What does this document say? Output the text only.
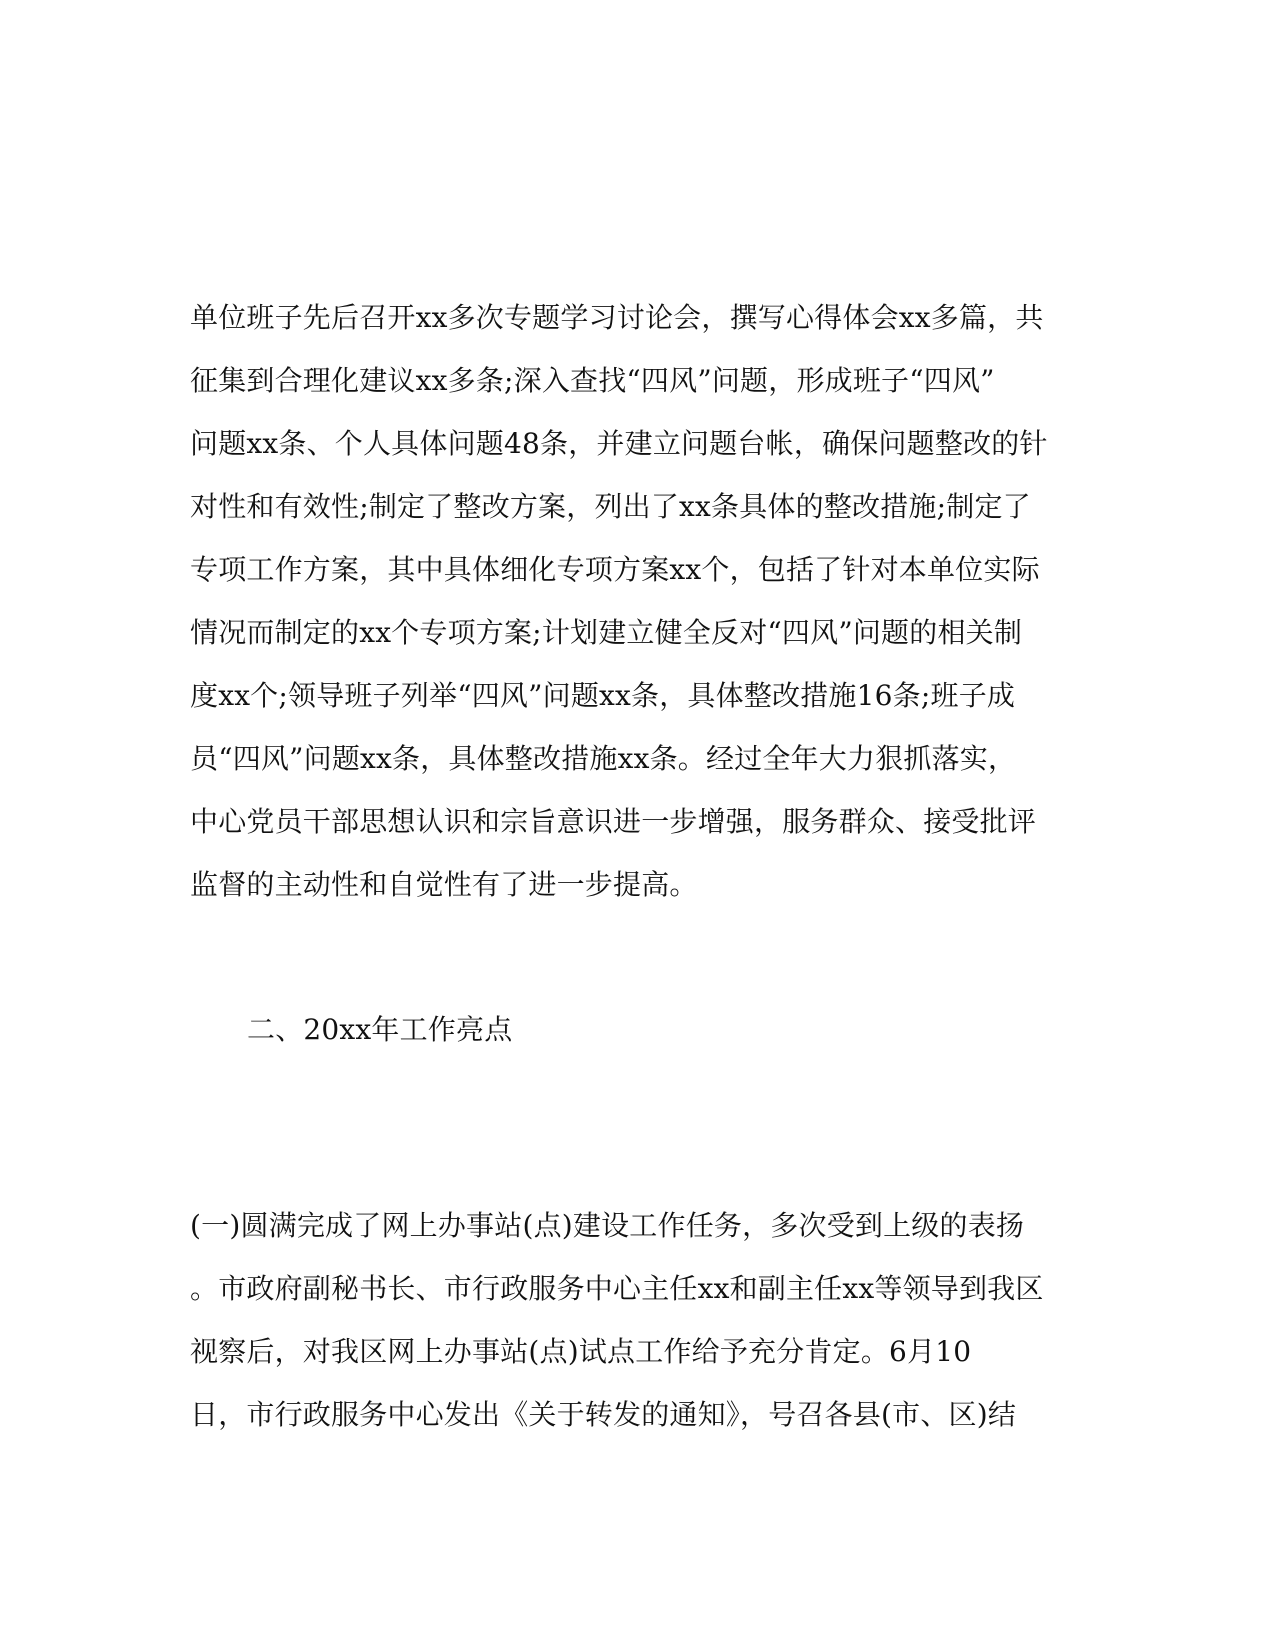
单位班子先后召开xx多次专题学习讨论会，撰写心得体会xx多篇，共
征集到合理化建议xx多条;深入查找“四风”问题，形成班子“四风”
问题xx条、个人具体问题48条，并建立问题台帐，确保问题整改的针
对性和有效性;制定了整改方案，列出了xx条具体的整改措施;制定了
专项工作方案，其中具体细化专项方案xx个，包括了针对本单位实际
情况而制定的xx个专项方案;计划建立健全反对“四风”问题的相关制
度xx个;领导班子列举“四风”问题xx条，具体整改措施16条;班子成
员“四风”问题xx条，具体整改措施xx条。经过全年大力狠抓落实，
中心党员干部思想认识和宗旨意识进一步增强，服务群众、接受批评
监督的主动性和自觉性有了进一步提高。
二、20xx年工作亮点
(一)圆满完成了网上办事站(点)建设工作任务，多次受到上级的表扬
。市政府副秘书长、市行政服务中心主任xx和副主任xx等领导到我区
视察后，对我区网上办事站(点)试点工作给予充分肯定。6月10
日，市行政服务中心发出《关于转发的通知》，号召各县(市、区)结
